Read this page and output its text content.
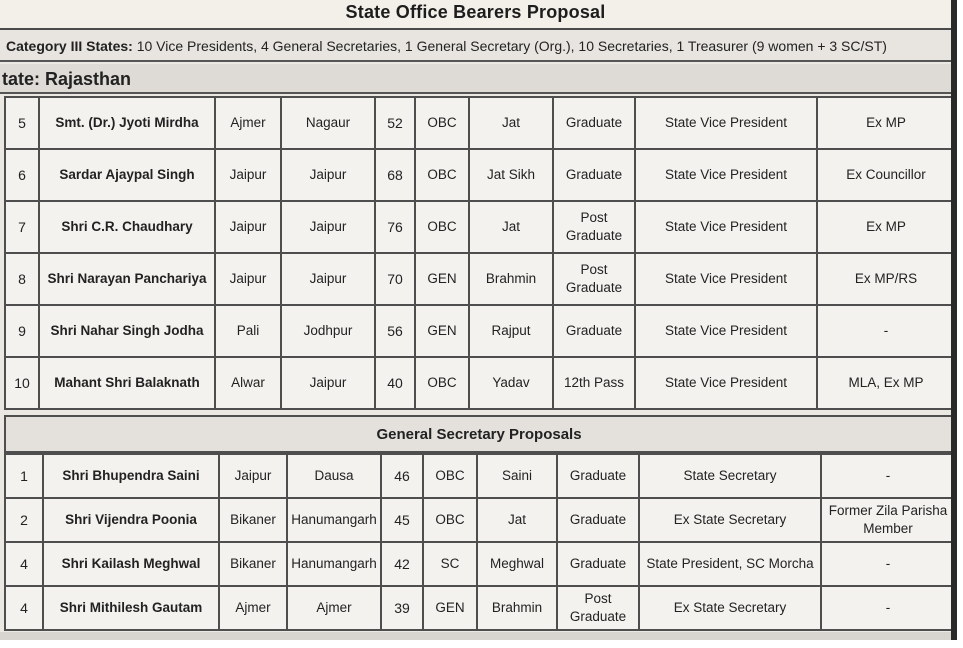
State Office Bearers Proposal
Category III States: 10 Vice Presidents, 4 General Secretaries, 1 General Secretary (Org.), 10 Secretaries, 1 Treasurer (9 women + 3 SC/ST)
tate: Rajasthan
5	Smt. (Dr.) Jyoti Mirdha	Ajmer	Nagaur	52	OBC	Jat	Graduate	State Vice President	Ex MP
6	Sardar Ajaypal Singh	Jaipur	Jaipur	68	OBC	Jat Sikh	Graduate	State Vice President	Ex Councillor
7	Shri C.R. Chaudhary	Jaipur	Jaipur	76	OBC	Jat	Post Graduate	State Vice President	Ex MP
8	Shri Narayan Panchariya	Jaipur	Jaipur	70	GEN	Brahmin	Post Graduate	State Vice President	Ex MP/RS
9	Shri Nahar Singh Jodha	Pali	Jodhpur	56	GEN	Rajput	Graduate	State Vice President	-
10	Mahant Shri Balaknath	Alwar	Jaipur	40	OBC	Yadav	12th Pass	State Vice President	MLA, Ex MP
General Secretary Proposals
1	Shri Bhupendra Saini	Jaipur	Dausa	46	OBC	Saini	Graduate	State Secretary	-
2	Shri Vijendra Poonia	Bikaner	Hanumangarh	45	OBC	Jat	Graduate	Ex State Secretary	Former Zila Parisha Member
4	Shri Kailash Meghwal	Bikaner	Hanumangarh	42	SC	Meghwal	Graduate	State President, SC Morcha	-
4	Shri Mithilesh Gautam	Ajmer	Ajmer	39	GEN	Brahmin	Post Graduate	Ex State Secretary	-
